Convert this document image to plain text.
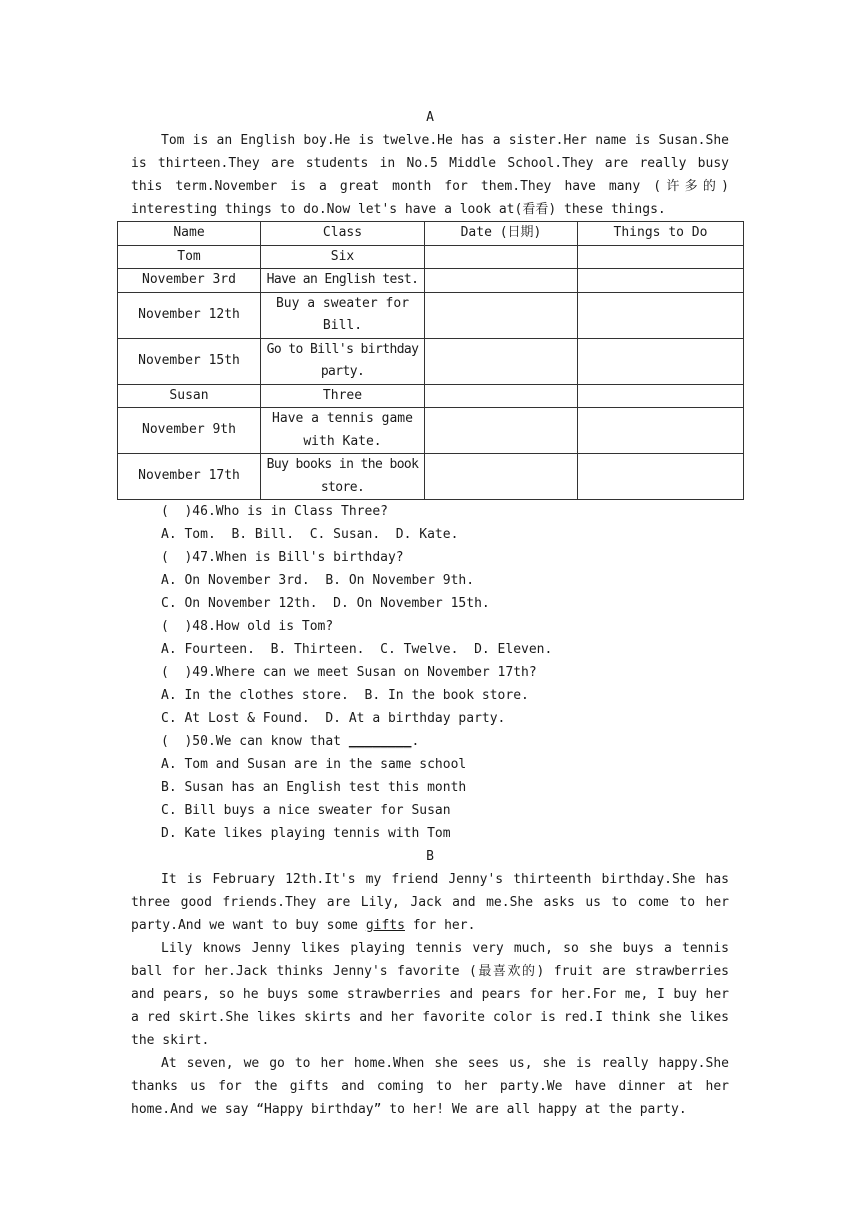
A

Tom is an English boy.He is twelve.He has a sister.Her name is Susan.She is thirteen.They are students in No.5 Middle School.They are really busy this term.November is a great month for them.They have many (许多的) interesting things to do.Now let's have a look at(看看) these things.

Name	Class	Date (日期)	Things to Do
Tom	Six		
November 3rd	Have an English test.		
November 12th	Buy a sweater for Bill.		
November 15th	Go to Bill's birthday party.		
Susan	Three		
November 9th	Have a tennis game with Kate.		
November 17th	Buy books in the book store.		
(  )46.Who is in Class Three?
A. Tom.  B. Bill.  C. Susan.  D. Kate.
(  )47.When is Bill's birthday?
A. On November 3rd.  B. On November 9th.
C. On November 12th.  D. On November 15th.
(  )48.How old is Tom?
A. Fourteen.  B. Thirteen.  C. Twelve.  D. Eleven.
(  )49.Where can we meet Susan on November 17th?
A. In the clothes store.  B. In the book store.
C. At Lost & Found.  D. At a birthday party.
(  )50.We can know that ________.
A. Tom and Susan are in the same school
B. Susan has an English test this month
C. Bill buys a nice sweater for Susan
D. Kate likes playing tennis with Tom
B

It is February 12th.It's my friend Jenny's thirteenth birthday.She has three good friends.They are Lily, Jack and me.She asks us to come to her party.And we want to buy some gifts for her.

Lily knows Jenny likes playing tennis very much, so she buys a tennis ball for her.Jack thinks Jenny's favorite (最喜欢的) fruit are strawberries and pears, so he buys some strawberries and pears for her.For me, I buy her a red skirt.She likes skirts and her favorite color is red.I think she likes the skirt.

At seven, we go to her home.When she sees us, she is really happy.She thanks us for the gifts and coming to her party.We have dinner at her home.And we say “Happy birthday” to her! We are all happy at the party.
